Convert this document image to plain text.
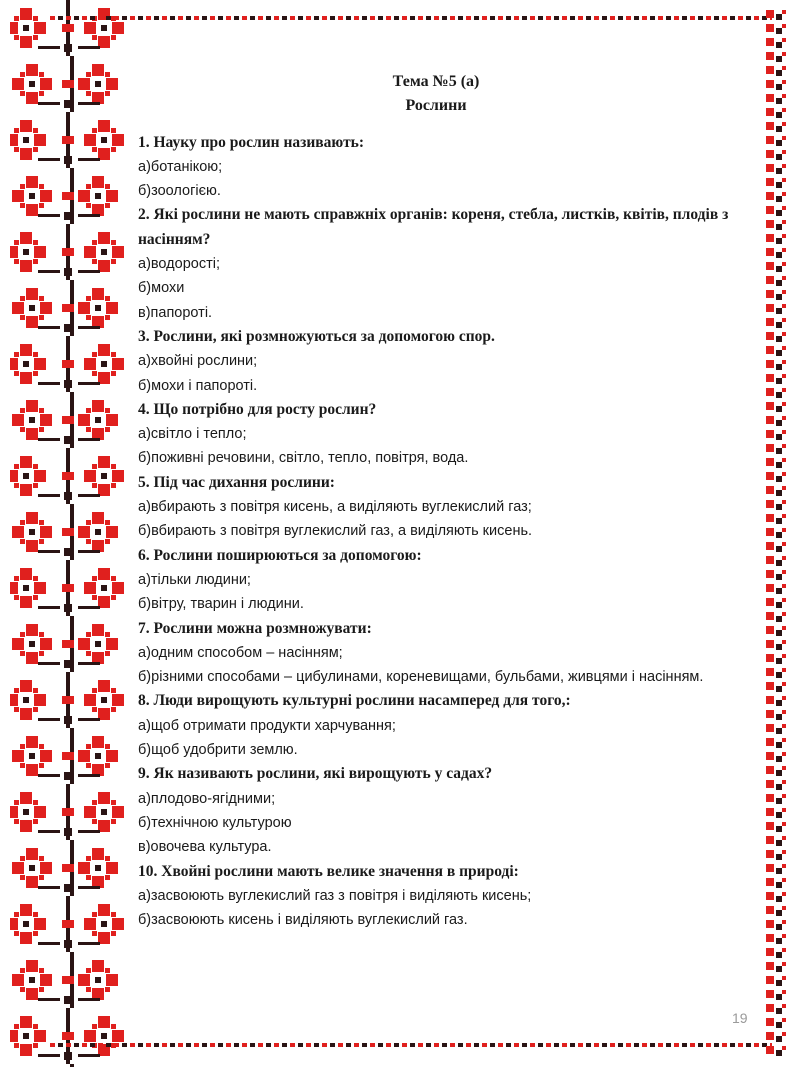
Тема №5 (а)
Рослини
1. Науку про рослин називають:
а)ботанікою;
б)зоологією.
2. Які рослини не мають справжніх органів: кореня, стебла, листків, квітів, плодів з насінням?
а)водорості;
б)мохи
в)папороті.
3. Рослини, які розмножуються за допомогою спор.
а)хвойні рослини;
б)мохи і папороті.
4. Що потрібно для росту рослин?
а)світло і тепло;
б)поживні речовини, світло, тепло, повітря, вода.
5. Під час дихання рослини:
а)вбирають з повітря кисень, а виділяють вуглекислий газ;
б)вбирають з повітря вуглекислий газ, а виділяють кисень.
6. Рослини поширюються за допомогою:
а)тільки людини;
б)вітру, тварин і людини.
7. Рослини можна розмножувати:
а)одним способом – насінням;
б)різними способами – цибулинами, кореневищами, бульбами, живцями і насінням.
8. Люди вирощують культурні рослини насамперед для того,:
а)щоб отримати продукти харчування;
б)щоб удобрити землю.
9. Як називають рослини, які вирощують у садах?
а)плодово-ягідними;
б)технічною культурою
в)овочева культура.
10. Хвойні рослини мають велике значення в природі:
а)засвоюють вуглекислий газ з повітря і виділяють кисень;
б)засвоюють кисень і виділяють вуглекислий газ.
19
